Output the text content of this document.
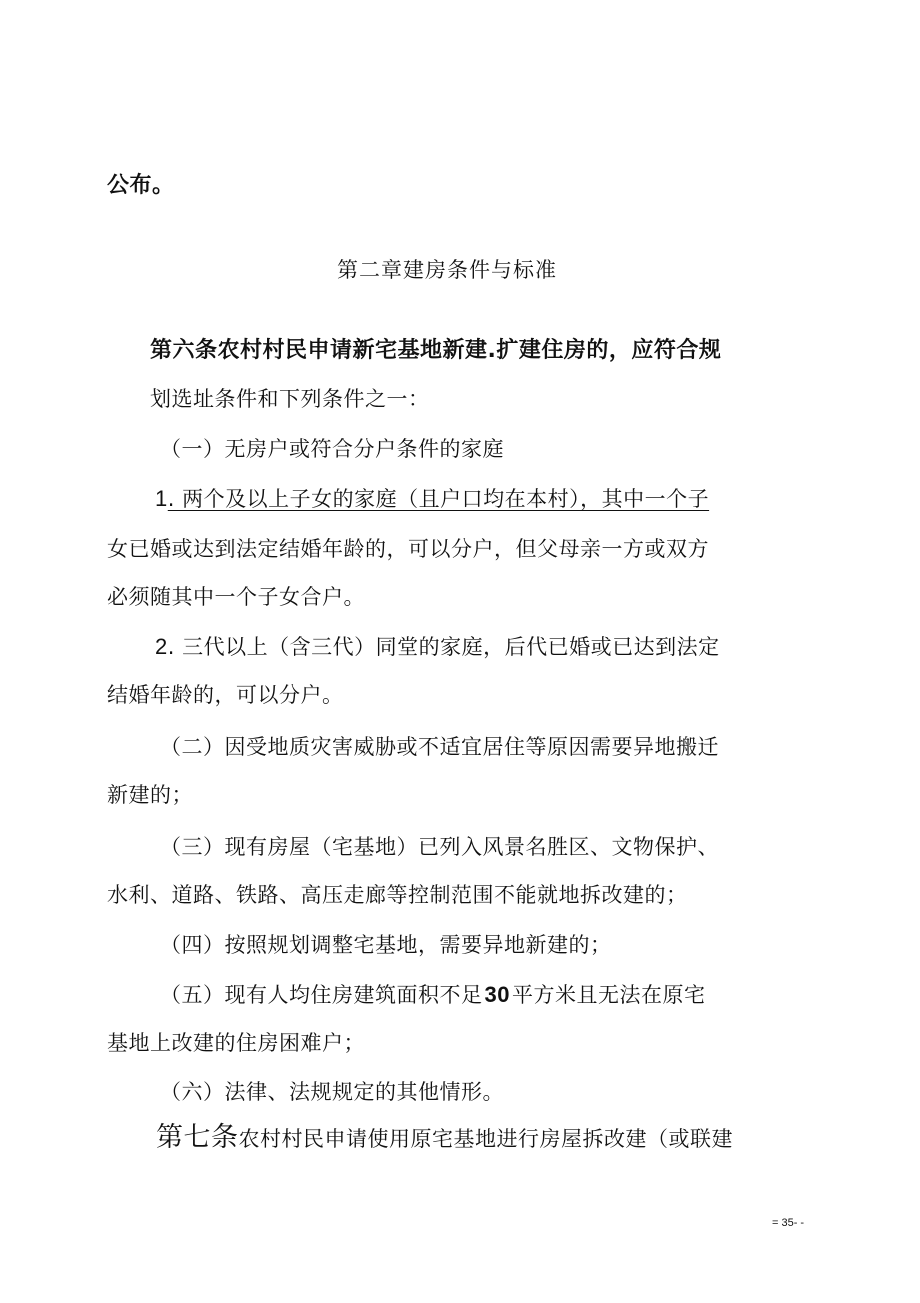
公布。
第二章建房条件与标准
第六条农村村民申请新宅基地新建.扩建住房的，应符合规
划选址条件和下列条件之一：
（一）无房户或符合分户条件的家庭
1. 两个及以上子女的家庭（且户口均在本村），其中一个子
女已婚或达到法定结婚年龄的，可以分户，但父母亲一方或双方
必须随其中一个子女合户。
2. 三代以上（含三代）同堂的家庭，后代已婚或已达到法定
结婚年龄的，可以分户。
（二）因受地质灾害威胁或不适宜居住等原因需要异地搬迁
新建的；
（三）现有房屋（宅基地）已列入风景名胜区、文物保护、
水利、道路、铁路、高压走廊等控制范围不能就地拆改建的；
（四）按照规划调整宅基地，需要异地新建的；
（五）现有人均住房建筑面积不足30平方米且无法在原宅
基地上改建的住房困难户；
（六）法律、法规规定的其他情形。
第七条农村村民申请使用原宅基地进行房屋拆改建（或联建
= 35- -
